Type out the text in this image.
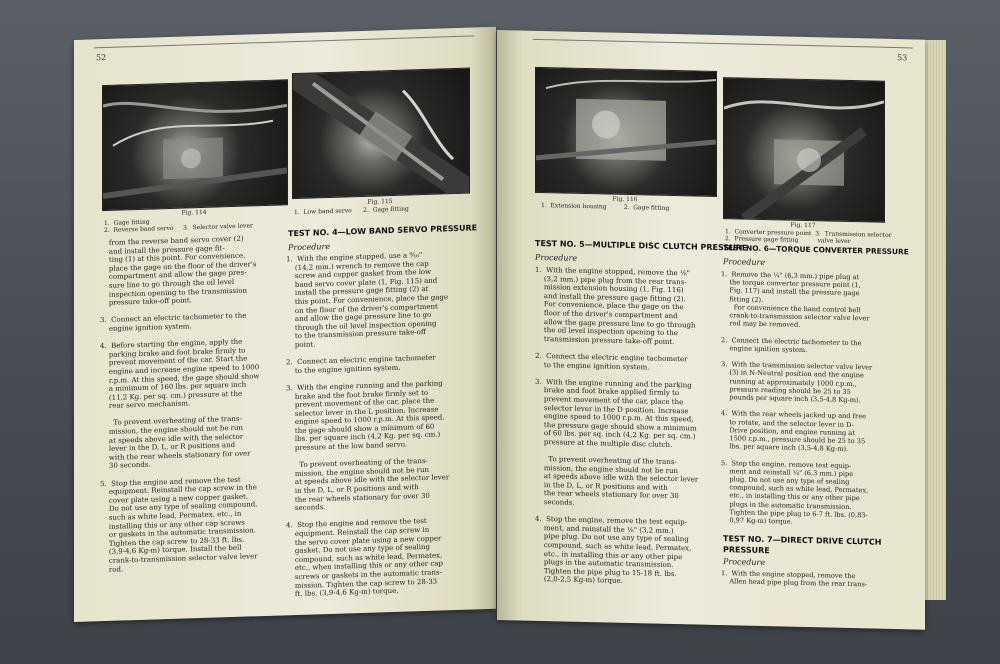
52
Fig. 114
1.  Gage fitting
2.  Reverse band servo     3.  Selector valve lever
Fig. 115
1.  Low band servo      2.  Gage fitting
from the reverse band servo cover (2)
and install the pressure gage fit-
ting (1) at this point. For convenience,
place the gage on the floor of the driver's
compartment and allow the gage pres-
sure line to go through the oil level
inspection opening to the transmission
pressure take-off point.

3.  Connect an electric tachometer to the
engine ignition system.

4.  Before starting the engine, apply the
parking brake and foot brake firmly to
prevent movement of the car. Start the
engine and increase engine speed to 1000
r.p.m. At this speed, the gage should show
a minimum of 160 lbs. per square inch
(11,2 Kg. per sq. cm.) pressure at the
rear servo mechanism.

To prevent overheating of the trans-
mission, the engine should not be run
at speeds above idle with the selector
lever in the D, L, or R positions and
with the rear wheels stationary for over
30 seconds.

5.  Stop the engine and remove the test
equipment. Reinstall the cap screw in the
cover plate using a new copper gasket.
Do not use any type of sealing compound,
such as white lead, Permatex, etc., in
installing this or any other cap screws
or gaskets in the automatic transmission.
Tighten the cap screw to 28-33 ft. lbs.
(3,9-4,6 Kg-m) torque. Install the bell
crank-to-transmission selector valve lever
rod.
TEST NO. 4—LOW BAND SERVO PRESSURE
Procedure
1.  With the engine stopped, use a ⁹⁄₁₆"
(14,2 mm.) wrench to remove the cap
screw and copper gasket from the low
band servo cover plate (1, Fig. 115) and
install the pressure gage fitting (2) at
this point. For convenience, place the gage
on the floor of the driver's compartment
and allow the gage pressure line to go
through the oil level inspection opening
to the transmission pressure take-off
point.

2.  Connect an electric engine tachometer
to the engine ignition system.

3.  With the engine running and the parking
brake and the foot brake firmly set to
prevent movement of the car, place the
selector lever in the L position. Increase
engine speed to 1000 r.p.m. At this speed,
the gage should show a minimum of 60
lbs. per square inch (4,2 Kg. per sq. cm.)
pressure at the low band servo.

To prevent overheating of the trans-
mission, the engine should not be run
at speeds above idle with the selector lever
in the D, L, or R positions and with
the rear wheels stationary for over 30
seconds.

4.  Stop the engine and remove the test
equipment. Reinstall the cap screw in
the servo cover plate using a new copper
gasket. Do not use any type of sealing
compound, such as white lead, Permatex,
etc., when installing this or any other cap
screws or gaskets in the automatic trans-
mission. Tighten the cap screw to 28-33
ft. lbs. (3,9-4,6 Kg-m) torque.
53
Fig. 116
1.  Extension housing         2.  Gage fitting
Fig. 117
1.  Converter pressure point  3.  Transmission selector
2.  Pressure gage fitting          valve lever
TEST NO. 5—MULTIPLE DISC CLUTCH PRESSURE
Procedure
1.  With the engine stopped, remove the ⅛"
(3,2 mm.) pipe plug from the rear trans-
mission extension housing (1, Fig. 116)
and install the pressure gage fitting (2).
For convenience, place the gage on the
floor of the driver's compartment and
allow the gage pressure line to go through
the oil level inspection opening to the
transmission pressure take-off point.

2.  Connect the electric engine tachometer
to the engine ignition system.

3.  With the engine running and the parking
brake and foot brake applied firmly to
prevent movement of the car, place the
selector lever in the D position. Increase
engine speed to 1000 r.p.m. At this speed,
the pressure gage should show a minimum
of 60 lbs. per sq. inch (4,2 Kg. per sq. cm.)
pressure at the multiple disc clutch.

To prevent overheating of the trans-
mission, the engine should not be run
at speeds above idle with the selector lever
in the D, L, or R positions and with
the rear wheels stationary for over 30
seconds.

4.  Stop the engine, remove the test equip-
ment, and reinstall the ⅛" (3,2 mm.)
pipe plug. Do not use any type of sealing
compound, such as white lead, Permatex,
etc., in installing this or any other pipe
plugs in the automatic transmission.
Tighten the pipe plug to 15-18 ft. lbs.
(2,0-2,5 Kg-m) torque.
TEST NO. 6—TORQUE CONVERTER PRESSURE
Procedure
1.  Remove the ¼" (6,3 mm.) pipe plug at
the torque converter pressure point (1,
Fig. 117) and install the pressure gage
fitting (2).
For convenience the hand control bell
crank-to-transmission selector valve lever
rod may be removed.

2.  Connect the electric tachometer to the
engine ignition system.

3.  With the transmission selector valve lever
(3) in N-Neutral position and the engine
running at approximately 1000 r.p.m.,
pressure reading should be 25 to 35
pounds per square inch (3,5-4,8 Kg-m).

4.  With the rear wheels jacked up and free
to rotate, and the selector lever in D-
Drive position, and engine running at
1500 r.p.m., pressure should be 25 to 35
lbs. per square inch (3,5-4,8 Kg-m).

5.  Stop the engine, remove test equip-
ment and reinstall ¼" (6,3 mm.) pipe
plug. Do not use any type of sealing
compound, such as white lead, Permatex,
etc., in installing this or any other pipe
plugs in the automatic transmission.
Tighten the pipe plug to 6-7 ft. lbs. (0,83-
0,97 Kg-m) torque.
TEST NO. 7—DIRECT DRIVE CLUTCH
PRESSURE
Procedure
1.  With the engine stopped, remove the
Allen head pipe plug from the rear trans-
